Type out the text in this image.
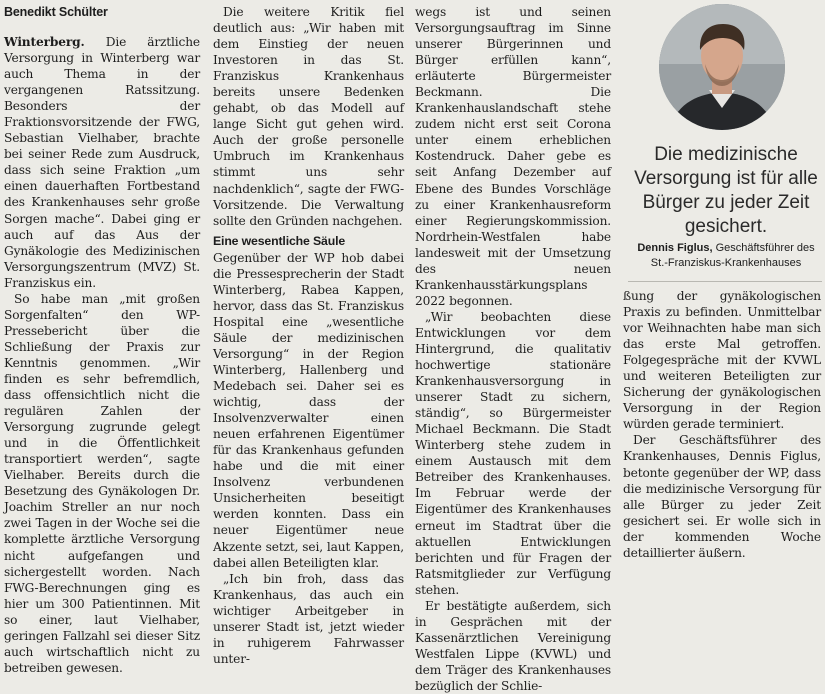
Benedikt Schülter

Winterberg. Die ärztliche Versorgung in Winterberg war auch Thema in der vergangenen Ratssitzung. Besonders der Fraktionsvorsitzende der FWG, Sebastian Vielhaber, brachte bei seiner Rede zum Ausdruck, dass sich seine Fraktion „um einen dauerhaften Fortbestand des Krankenhauses sehr große Sorgen mache“. Dabei ging er auch auf das Aus der Gynäkologie des Medizinischen Versorgungszentrum (MVZ) St. Franziskus ein.

So habe man „mit großen Sorgenfalten“ den WP-Pressebericht über die Schließung der Praxis zur Kenntnis genommen. „Wir finden es sehr befremdlich, dass offensichtlich nicht die regulären Zahlen der Versorgung zugrunde gelegt und in die Öffentlichkeit transportiert werden“, sagte Vielhaber. Bereits durch die Besetzung des Gynäkologen Dr. Joachim Streller an nur noch zwei Tagen in der Woche sei die komplette ärztliche Versorgung nicht aufgefangen und sichergestellt worden. Nach FWG-Berechnungen ging es hier um 300 Patientinnen. Mit so einer, laut Vielhaber, geringen Fallzahl sei dieser Sitz auch wirtschaftlich nicht zu betreiben gewesen.

Die weitere Kritik fiel deutlich aus: „Wir haben mit dem Einstieg der neuen Investoren in das St. Franziskus Krankenhaus bereits unsere Bedenken gehabt, ob das Modell auf lange Sicht gut gehen wird. Auch der große personelle Umbruch im Krankenhaus stimmt uns sehr nachdenklich“, sagte der FWG-Vorsitzende. Die Verwaltung sollte den Gründen nachgehen.

Eine wesentliche Säule

Gegenüber der WP hob dabei die Pressesprecherin der Stadt Winterberg, Rabea Kappen, hervor, dass das St. Franziskus Hospital eine „wesentliche Säule der medizinischen Versorgung“ in der Region Winterberg, Hallenberg und Medebach sei. Daher sei es wichtig, dass der Insolvenzverwalter einen neuen erfahrenen Eigentümer für das Krankenhaus gefunden habe und die mit einer Insolvenz verbundenen Unsicherheiten beseitigt werden konnten. Dass ein neuer Eigentümer neue Akzente setzt, sei, laut Kappen, dabei allen Beteiligten klar.

„Ich bin froh, dass das Krankenhaus, das auch ein wichtiger Arbeitgeber in unserer Stadt ist, jetzt wieder in ruhigerem Fahrwasser unter-

wegs ist und seinen Versorgungsauftrag im Sinne unserer Bürgerinnen und Bürger erfüllen kann“, erläuterte Bürgermeister Beckmann. Die Krankenhauslandschaft stehe zudem nicht erst seit Corona unter einem erheblichen Kostendruck. Daher gebe es seit Anfang Dezember auf Ebene des Bundes Vorschläge zu einer Krankenhausreform einer Regierungskommission. Nordrhein-Westfalen habe landesweit mit der Umsetzung des neuen Krankenhausstärkungsplans 2022 begonnen.

„Wir beobachten diese Entwicklungen vor dem Hintergrund, die qualitativ hochwertige stationäre Krankenhausversorgung in unserer Stadt zu sichern, ständig“, so Bürgermeister Michael Beckmann. Die Stadt Winterberg stehe zudem in einem Austausch mit dem Betreiber des Krankenhauses. Im Februar werde der Eigentümer des Krankenhauses erneut im Stadtrat über die aktuellen Entwicklungen berichten und für Fragen der Ratsmitglieder zur Verfügung stehen.

Er bestätigte außerdem, sich in Gesprächen mit der Kassenärztlichen Vereinigung Westfalen Lippe (KVWL) und dem Träger des Krankenhauses bezüglich der Schlie-

Die medizinische Versorgung ist für alle Bürger zu jeder Zeit gesichert.
Dennis Figlus, Geschäftsführer des St.-Franziskus-Krankenhauses

ßung der gynäkologischen Praxis zu befinden. Unmittelbar vor Weihnachten habe man sich das erste Mal getroffen. Folgegespräche mit der KVWL und weiteren Beteiligten zur Sicherung der gynäkologischen Versorgung in der Region würden gerade terminiert.

Der Geschäftsführer des Krankenhauses, Dennis Figlus, betonte gegenüber der WP, dass die medizinische Versorgung für alle Bürger zu jeder Zeit gesichert sei. Er wolle sich in der kommenden Woche detaillierter äußern.
